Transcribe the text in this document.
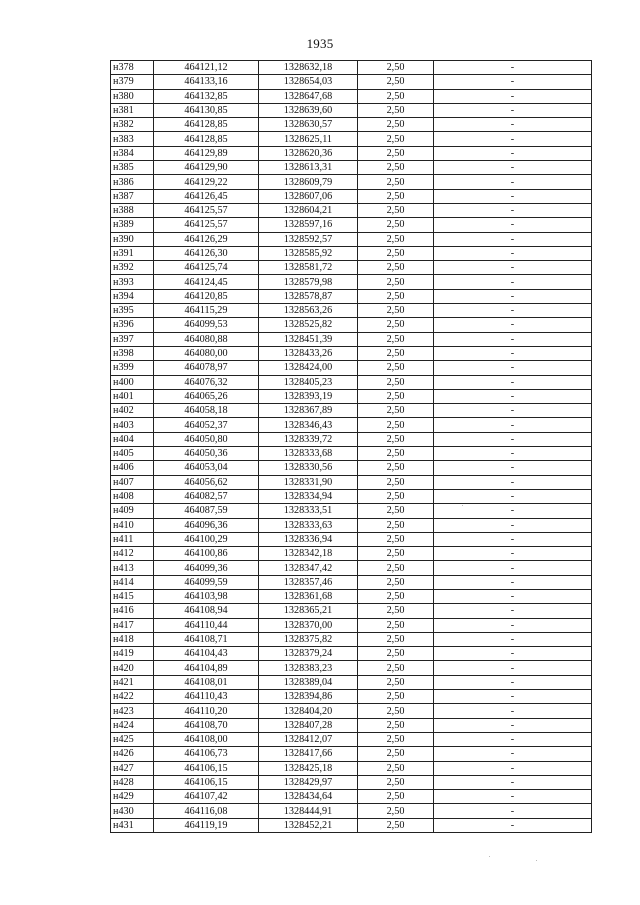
1935
н378	464121,12	1328632,18	2,50	-
н379	464133,16	1328654,03	2,50	-
н380	464132,85	1328647,68	2,50	-
н381	464130,85	1328639,60	2,50	-
н382	464128,85	1328630,57	2,50	-
н383	464128,85	1328625,11	2,50	-
н384	464129,89	1328620,36	2,50	-
н385	464129,90	1328613,31	2,50	-
н386	464129,22	1328609,79	2,50	-
н387	464126,45	1328607,06	2,50	-
н388	464125,57	1328604,21	2,50	-
н389	464125,57	1328597,16	2,50	-
н390	464126,29	1328592,57	2,50	-
н391	464126,30	1328585,92	2,50	-
н392	464125,74	1328581,72	2,50	-
н393	464124,45	1328579,98	2,50	-
н394	464120,85	1328578,87	2,50	-
н395	464115,29	1328563,26	2,50	-
н396	464099,53	1328525,82	2,50	-
н397	464080,88	1328451,39	2,50	-
н398	464080,00	1328433,26	2,50	-
н399	464078,97	1328424,00	2,50	-
н400	464076,32	1328405,23	2,50	-
н401	464065,26	1328393,19	2,50	-
н402	464058,18	1328367,89	2,50	-
н403	464052,37	1328346,43	2,50	-
н404	464050,80	1328339,72	2,50	-
н405	464050,36	1328333,68	2,50	-
н406	464053,04	1328330,56	2,50	-
н407	464056,62	1328331,90	2,50	-
н408	464082,57	1328334,94	2,50	-
н409	464087,59	1328333,51	2,50	-
н410	464096,36	1328333,63	2,50	-
н411	464100,29	1328336,94	2,50	-
н412	464100,86	1328342,18	2,50	-
н413	464099,36	1328347,42	2,50	-
н414	464099,59	1328357,46	2,50	-
н415	464103,98	1328361,68	2,50	-
н416	464108,94	1328365,21	2,50	-
н417	464110,44	1328370,00	2,50	-
н418	464108,71	1328375,82	2,50	-
н419	464104,43	1328379,24	2,50	-
н420	464104,89	1328383,23	2,50	-
н421	464108,01	1328389,04	2,50	-
н422	464110,43	1328394,86	2,50	-
н423	464110,20	1328404,20	2,50	-
н424	464108,70	1328407,28	2,50	-
н425	464108,00	1328412,07	2,50	-
н426	464106,73	1328417,66	2,50	-
н427	464106,15	1328425,18	2,50	-
н428	464106,15	1328429,97	2,50	-
н429	464107,42	1328434,64	2,50	-
н430	464116,08	1328444,91	2,50	-
н431	464119,19	1328452,21	2,50	-
